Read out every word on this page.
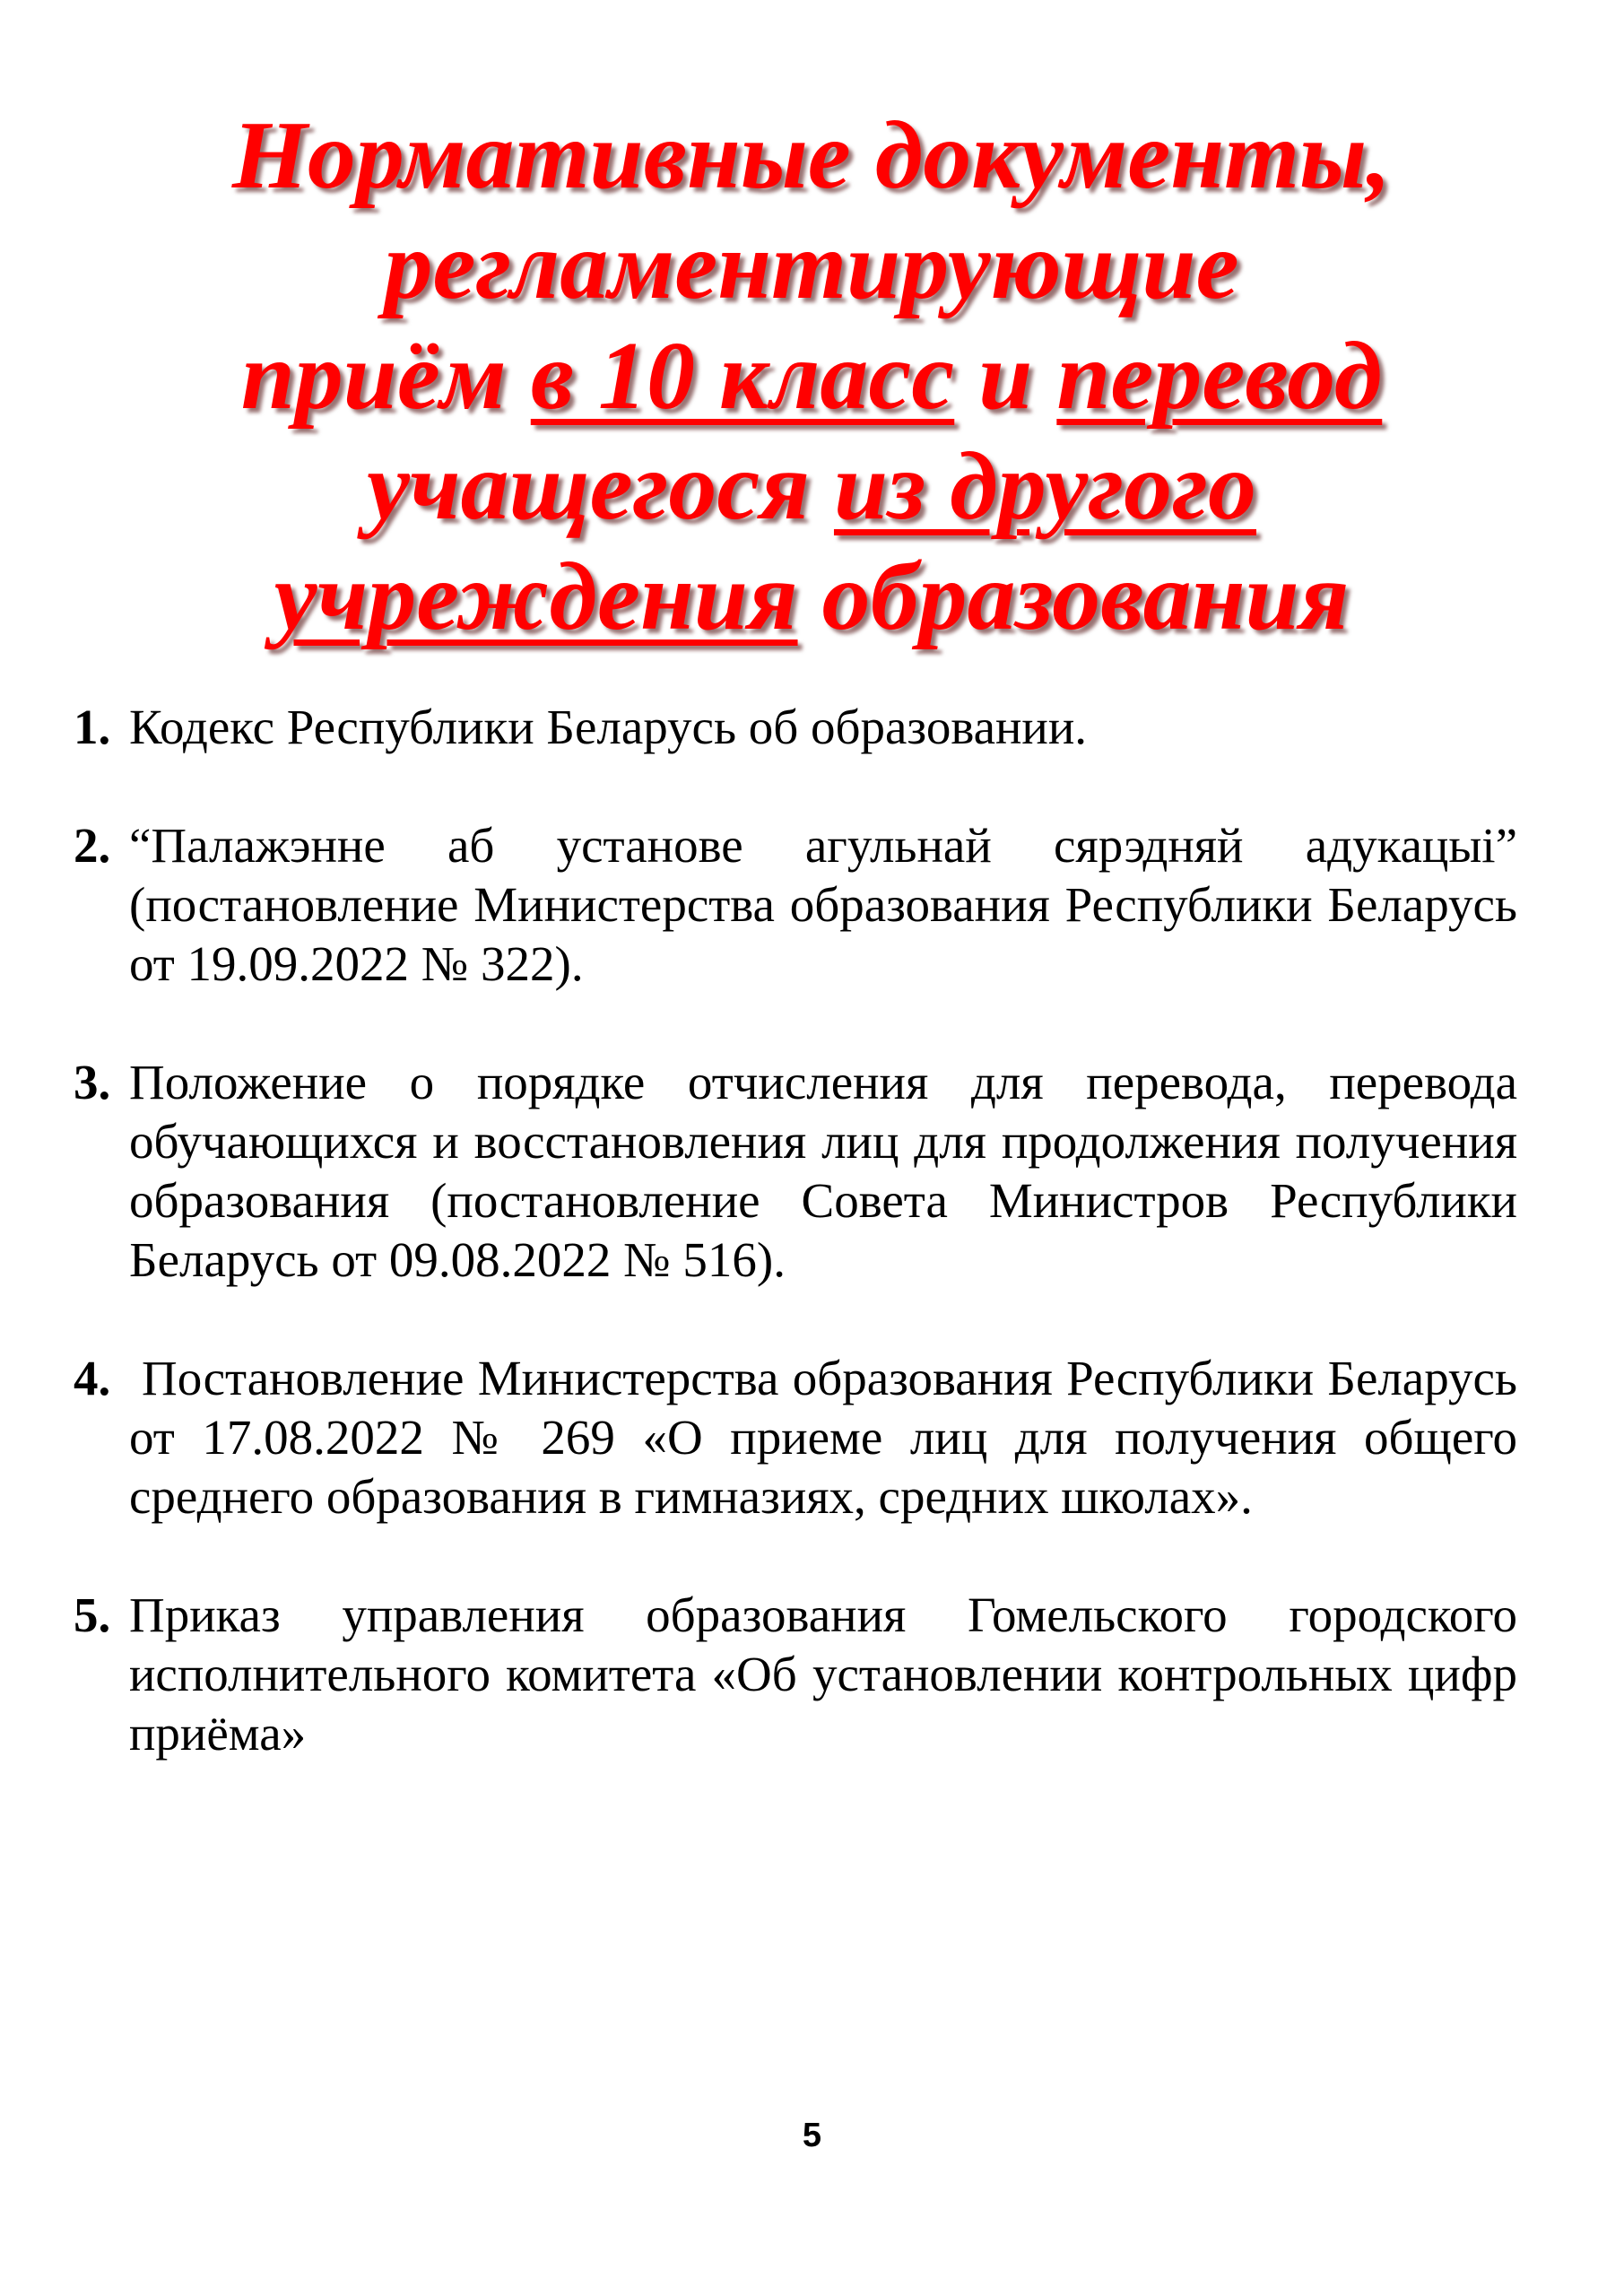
Нормативные документы,
регламентирующие
приём в 10 класс и перевод
учащегося из другого
учреждения образования
1. Кодекс Республики Беларусь об образовании.
2. “Палажэнне аб установе агульнай сярэдняй адукацыі” (постановление Министерства образования Республики Беларусь от 19.09.2022 № 322).
3. Положение о порядке отчисления для перевода, перевода обучающихся и восстановления лиц для продолжения получения образования (постановление Совета Министров Республики Беларусь от 09.08.2022 № 516).
4. Постановление Министерства образования Республики Беларусь от 17.08.2022 № 269 «О приеме лиц для получения общего среднего образования в гимназиях, средних школах».
5. Приказ управления образования Гомельского городского исполнительного комитета «Об установлении контрольных цифр приёма»
5
